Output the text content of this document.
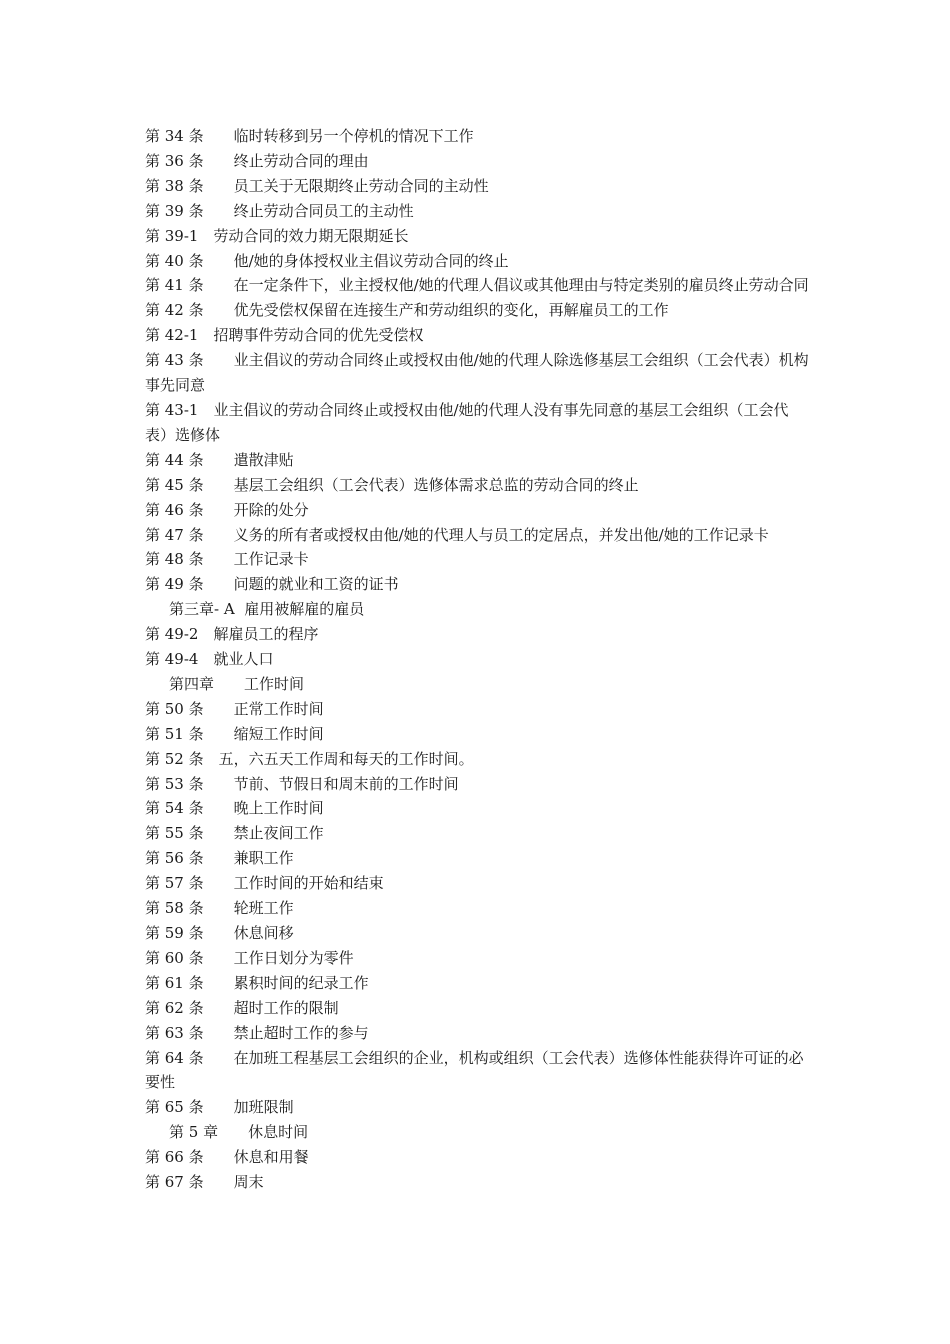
第 34 条　　临时转移到另一个停机的情况下工作
第 36 条　　终止劳动合同的理由
第 38 条　　员工关于无限期终止劳动合同的主动性
第 39 条　　终止劳动合同员工的主动性
第 39-1　劳动合同的效力期无限期延长
第 40 条　　他/她的身体授权业主倡议劳动合同的终止
第 41 条　　在一定条件下，业主授权他/她的代理人倡议或其他理由与特定类别的雇员终止劳动合同
第 42 条　　优先受偿权保留在连接生产和劳动组织的变化，再解雇员工的工作
第 42-1　招聘事件劳动合同的优先受偿权
第 43 条　　业主倡议的劳动合同终止或授权由他/她的代理人除选修基层工会组织（工会代表）机构事先同意
第 43-1　业主倡议的劳动合同终止或授权由他/她的代理人没有事先同意的基层工会组织（工会代表）选修体
第 44 条　　遣散津贴
第 45 条　　基层工会组织（工会代表）选修体需求总监的劳动合同的终止
第 46 条　　开除的处分
第 47 条　　义务的所有者或授权由他/她的代理人与员工的定居点，并发出他/她的工作记录卡
第 48 条　　工作记录卡
第 49 条　　问题的就业和工资的证书
第三章- A  雇用被解雇的雇员
第 49-2　解雇员工的程序
第 49-4　就业人口
第四章　　工作时间
第 50 条　　正常工作时间
第 51 条　　缩短工作时间
第 52 条　五，六五天工作周和每天的工作时间。
第 53 条　　节前、节假日和周末前的工作时间
第 54 条　　晚上工作时间
第 55 条　　禁止夜间工作
第 56 条　　兼职工作
第 57 条　　工作时间的开始和结束
第 58 条　　轮班工作
第 59 条　　休息间移
第 60 条　　工作日划分为零件
第 61 条　　累积时间的纪录工作
第 62 条　　超时工作的限制
第 63 条　　禁止超时工作的参与
第 64 条　　在加班工程基层工会组织的企业，机构或组织（工会代表）选修体性能获得许可证的必要性
第 65 条　　加班限制
第 5 章　　休息时间
第 66 条　　休息和用餐
第 67 条　　周末
